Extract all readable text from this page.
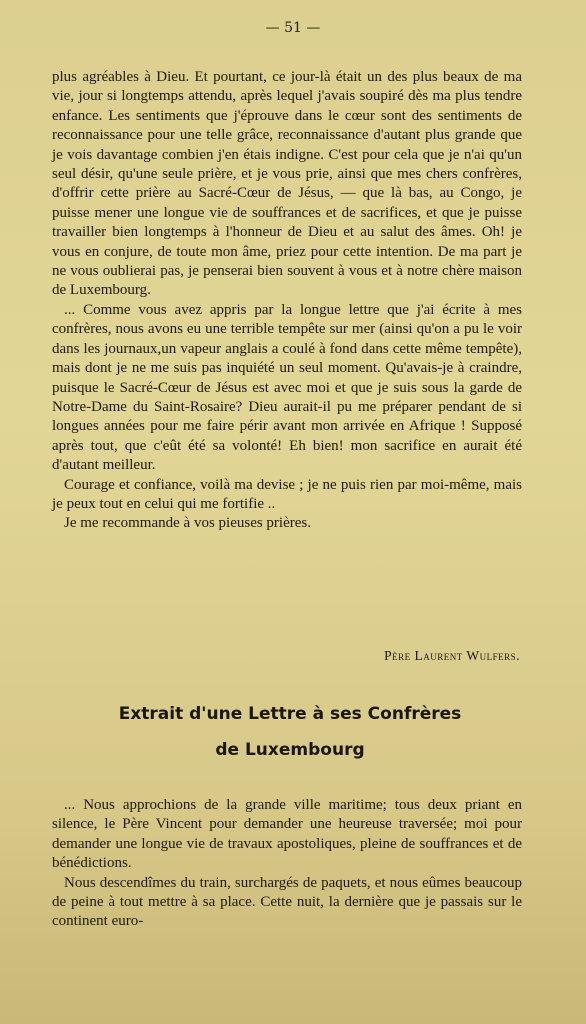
— 51 —

plus agréables à Dieu. Et pourtant, ce jour-là était un des plus beaux de ma vie, jour si longtemps attendu, après lequel j'avais soupiré dès ma plus tendre enfance. Les sentiments que j'éprouve dans le cœur sont des sentiments de reconnaissance pour une telle grâce, reconnaissance d'autant plus grande que je vois davantage combien j'en étais indigne. C'est pour cela que je n'ai qu'un seul désir, qu'une seule prière, et je vous prie, ainsi que mes chers confrères, d'offrir cette prière au Sacré-Cœur de Jésus, — que là bas, au Congo, je puisse mener une longue vie de souffrances et de sacrifices, et que je puisse travailler bien longtemps à l'honneur de Dieu et au salut des âmes. Oh! je vous en conjure, de toute mon âme, priez pour cette intention. De ma part je ne vous oublierai pas, je penserai bien souvent à vous et à notre chère maison de Luxembourg.

... Comme vous avez appris par la longue lettre que j'ai écrite à mes confrères, nous avons eu une terrible tempête sur mer (ainsi qu'on a pu le voir dans les journaux,un vapeur anglais a coulé à fond dans cette même tempête), mais dont je ne me suis pas inquiété un seul moment. Qu'avais-je à craindre, puisque le Sacré-Cœur de Jésus est avec moi et que je suis sous la garde de Notre-Dame du Saint-Rosaire? Dieu aurait-il pu me préparer pendant de si longues années pour me faire périr avant mon arrivée en Afrique ! Supposé après tout, que c'eût été sa volonté! Eh bien! mon sacrifice en aurait été d'autant meilleur.

Courage et confiance, voilà ma devise ; je ne puis rien par moi-même, mais je peux tout en celui qui me fortifie ..

Je me recommande à vos pieuses prières.

Père Laurent Wulfers.
Extrait d'une Lettre à ses Confrères
de Luxembourg

... Nous approchions de la grande ville maritime; tous deux priant en silence, le Père Vincent pour demander une heureuse traversée; moi pour demander une longue vie de travaux apostoliques, pleine de souffrances et de bénédictions.

Nous descendîmes du train, surchargés de paquets, et nous eûmes beaucoup de peine à tout mettre à sa place. Cette nuit, la dernière que je passais sur le continent euro-
